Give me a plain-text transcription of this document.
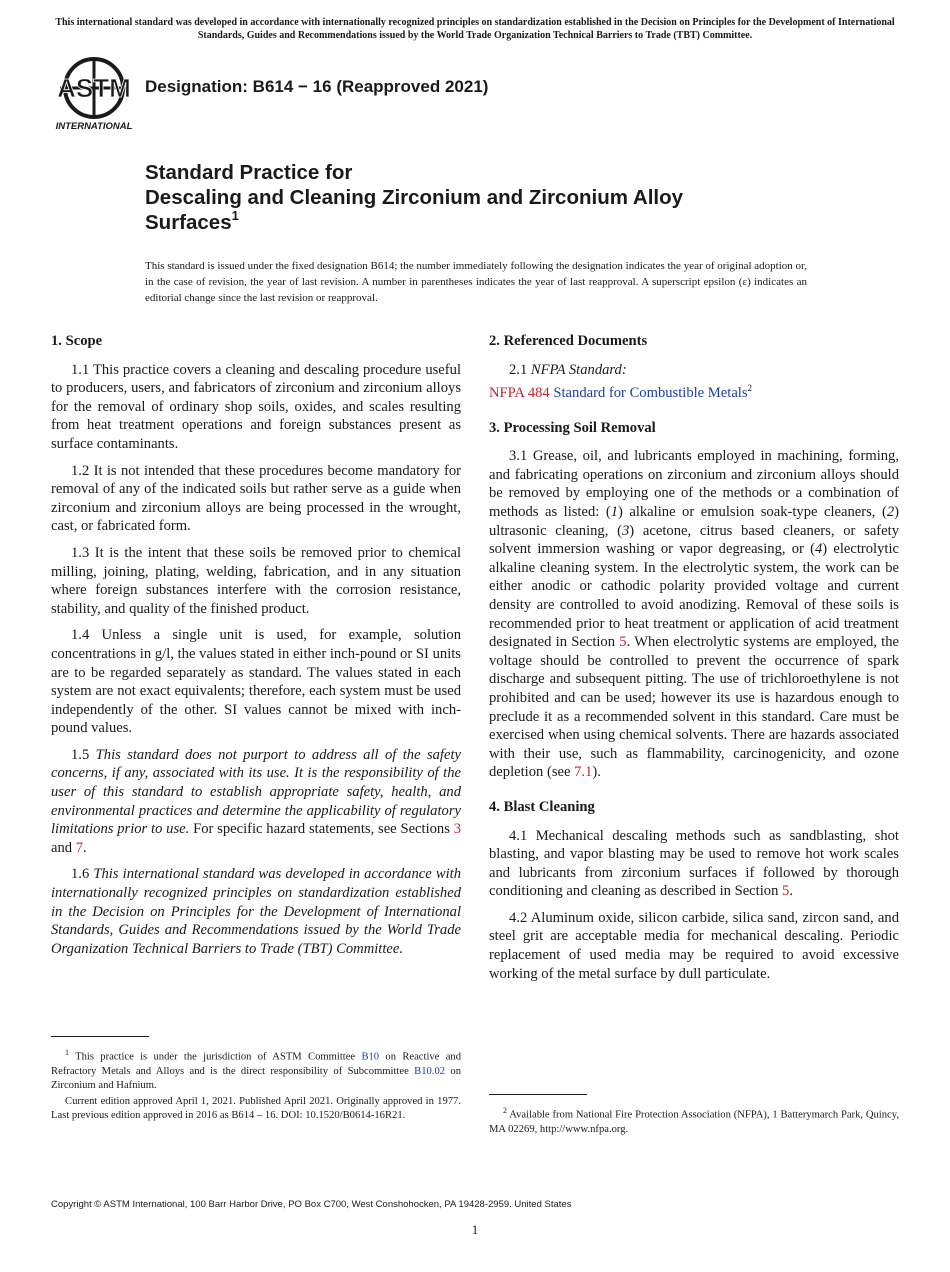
This international standard was developed in accordance with internationally recognized principles on standardization established in the Decision on Principles for the Development of International Standards, Guides and Recommendations issued by the World Trade Organization Technical Barriers to Trade (TBT) Committee.
ASTM
INTERNATIONAL
Designation: B614 − 16 (Reapproved 2021)
Standard Practice for
Descaling and Cleaning Zirconium and Zirconium Alloy
Surfaces$^1$
This standard is issued under the fixed designation B614; the number immediately following the designation indicates the year of original adoption or, in the case of revision, the year of last revision. A number in parentheses indicates the year of last reapproval. A superscript epsilon (ε) indicates an editorial change since the last revision or reapproval.
1. Scope

1.1 This practice covers a cleaning and descaling procedure useful to producers, users, and fabricators of zirconium and zirconium alloys for the removal of ordinary shop soils, oxides, and scales resulting from heat treatment operations and foreign substances present as surface contaminants.

1.2 It is not intended that these procedures become mandatory for removal of any of the indicated soils but rather serve as a guide when zirconium and zirconium alloys are being processed in the wrought, cast, or fabricated form.

1.3 It is the intent that these soils be removed prior to chemical milling, joining, plating, welding, fabrication, and in any situation where foreign substances interfere with the corrosion resistance, stability, and quality of the finished product.

1.4 Unless a single unit is used, for example, solution concentrations in g/l, the values stated in either inch-pound or SI units are to be regarded separately as standard. The values stated in each system are not exact equivalents; therefore, each system must be used independently of the other. SI values cannot be mixed with inch-pound values.

1.5 This standard does not purport to address all of the safety concerns, if any, associated with its use. It is the responsibility of the user of this standard to establish appropriate safety, health, and environmental practices and determine the applicability of regulatory limitations prior to use. For specific hazard statements, see Sections 3 and 7.

1.6 This international standard was developed in accordance with internationally recognized principles on standardization established in the Decision on Principles for the Development of International Standards, Guides and Recommendations issued by the World Trade Organization Technical Barriers to Trade (TBT) Committee.

2. Referenced Documents

2.1 NFPA Standard:

NFPA 484 Standard for Combustible Metals$^2$
3. Processing Soil Removal

3.1 Grease, oil, and lubricants employed in machining, forming, and fabricating operations on zirconium and zirconium alloys should be removed by employing one of the methods or a combination of methods as listed: (1) alkaline or emulsion soak-type cleaners, (2) ultrasonic cleaning, (3) acetone, citrus based cleaners, or safety solvent immersion washing or vapor degreasing, or (4) electrolytic alkaline cleaning system. In the electrolytic system, the work can be either anodic or cathodic polarity provided voltage and current density are controlled to avoid anodizing. Removal of these soils is recommended prior to heat treatment or application of acid treatment designated in Section 5. When electrolytic systems are employed, the voltage should be controlled to prevent the occurrence of spark discharge and subsequent pitting. The use of trichloroethylene is not prohibited and can be used; however its use is hazardous enough to preclude it as a recommended solvent in this standard. Care must be exercised when using chemical solvents. There are hazards associated with their use, such as flammability, carcinogenicity, and ozone depletion (see 7.1).

4. Blast Cleaning

4.1 Mechanical descaling methods such as sandblasting, shot blasting, and vapor blasting may be used to remove hot work scales and lubricants from zirconium surfaces if followed by thorough conditioning and cleaning as described in Section 5.

4.2 Aluminum oxide, silicon carbide, silica sand, zircon sand, and steel grit are acceptable media for mechanical descaling. Periodic replacement of used media may be required to avoid excessive working of the metal surface by dull particulate.

$^1$ This practice is under the jurisdiction of ASTM Committee B10 on Reactive and Refractory Metals and Alloys and is the direct responsibility of Subcommittee B10.02 on Zirconium and Hafnium.

Current edition approved April 1, 2021. Published April 2021. Originally approved in 1977. Last previous edition approved in 2016 as B614 – 16. DOI: 10.1520/B0614-16R21.	$^2$ Available from National Fire Protection Association (NFPA), 1 Batterymarch Park, Quincy, MA 02269, http://www.nfpa.org.

Copyright © ASTM International, 100 Barr Harbor Drive, PO Box C700, West Conshohocken, PA 19428-2959. United States
1
